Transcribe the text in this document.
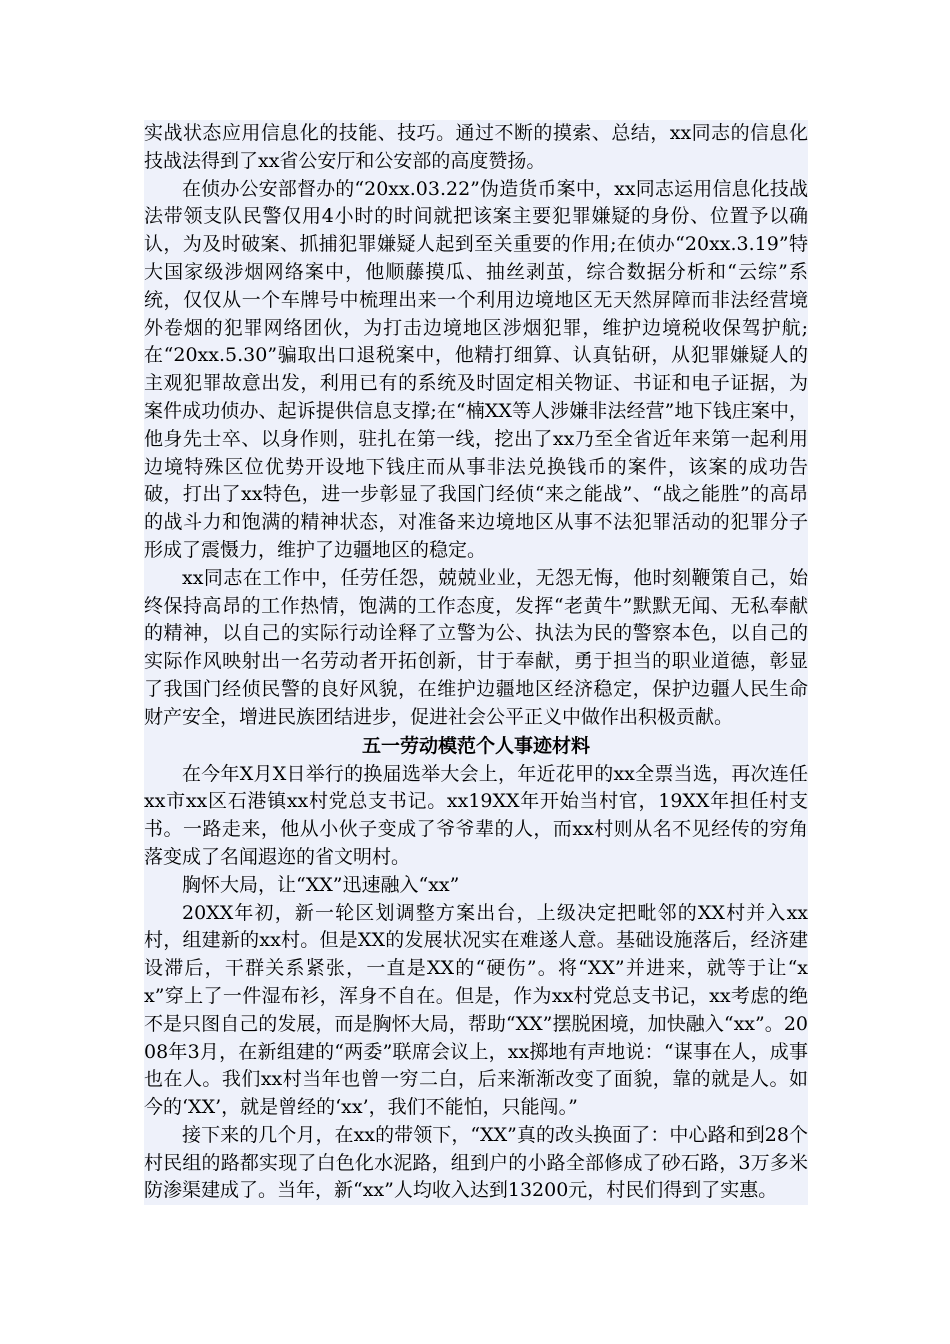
实战状态应用信息化的技能、技巧。通过不断的摸索、总结，xx同志的信息化技战法得到了xx省公安厅和公安部的高度赞扬。

在侦办公安部督办的“20xx.03.22”伪造货币案中，xx同志运用信息化技战法带领支队民警仅用4小时的时间就把该案主要犯罪嫌疑的身份、位置予以确认，为及时破案、抓捕犯罪嫌疑人起到至关重要的作用;在侦办“20xx.3.19”特大国家级涉烟网络案中，他顺藤摸瓜、抽丝剥茧，综合数据分析和“云综”系统，仅仅从一个车牌号中梳理出来一个利用边境地区无天然屏障而非法经营境外卷烟的犯罪网络团伙，为打击边境地区涉烟犯罪，维护边境税收保驾护航;在“20xx.5.30”骗取出口退税案中，他精打细算、认真钻研，从犯罪嫌疑人的主观犯罪故意出发，利用已有的系统及时固定相关物证、书证和电子证据，为案件成功侦办、起诉提供信息支撑;在“楠XX等人涉嫌非法经营”地下钱庄案中，他身先士卒、以身作则，驻扎在第一线，挖出了xx乃至全省近年来第一起利用边境特殊区位优势开设地下钱庄而从事非法兑换钱币的案件，该案的成功告破，打出了xx特色，进一步彰显了我国门经侦“来之能战”、“战之能胜”的高昂的战斗力和饱满的精神状态，对准备来边境地区从事不法犯罪活动的犯罪分子形成了震慑力，维护了边疆地区的稳定。

xx同志在工作中，任劳任怨，兢兢业业，无怨无悔，他时刻鞭策自己，始终保持高昂的工作热情，饱满的工作态度，发挥“老黄牛”默默无闻、无私奉献的精神，以自己的实际行动诠释了立警为公、执法为民的警察本色，以自己的实际作风映射出一名劳动者开拓创新，甘于奉献，勇于担当的职业道德，彰显了我国门经侦民警的良好风貌，在维护边疆地区经济稳定，保护边疆人民生命财产安全，增进民族团结进步，促进社会公平正义中做作出积极贡献。

五一劳动模范个人事迹材料

在今年X月X日举行的换届选举大会上，年近花甲的xx全票当选，再次连任xx市xx区石港镇xx村党总支书记。xx19XX年开始当村官，19XX年担任村支书。一路走来，他从小伙子变成了爷爷辈的人，而xx村则从名不见经传的穷角落变成了名闻遐迩的省文明村。

胸怀大局，让“XX”迅速融入“xx”

20XX年初，新一轮区划调整方案出台，上级决定把毗邻的XX村并入xx村，组建新的xx村。但是XX的发展状况实在难遂人意。基础设施落后，经济建设滞后，干群关系紧张，一直是XX的“硬伤”。将“XX”并进来，就等于让“xx”穿上了一件湿布衫，浑身不自在。但是，作为xx村党总支书记，xx考虑的绝不是只图自己的发展，而是胸怀大局，帮助“XX”摆脱困境，加快融入“xx”。2008年3月，在新组建的“两委”联席会议上，xx掷地有声地说：“谋事在人，成事也在人。我们xx村当年也曾一穷二白，后来渐渐改变了面貌，靠的就是人。如今的‘XX’，就是曾经的‘xx’，我们不能怕，只能闯。”

接下来的几个月，在xx的带领下，“XX”真的改头换面了：中心路和到28个村民组的路都实现了白色化水泥路，组到户的小路全部修成了砂石路，3万多米防渗渠建成了。当年，新“xx”人均收入达到13200元，村民们得到了实惠。
